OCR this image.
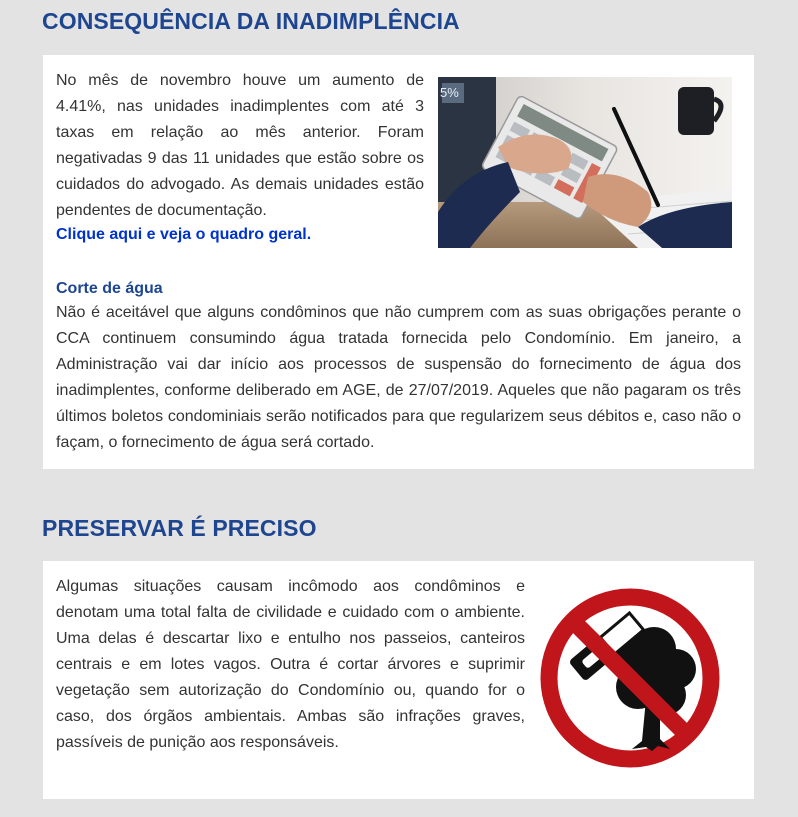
CONSEQUÊNCIA DA INADIMPLÊNCIA

No mês de novembro houve um aumento de 4.41%, nas unidades inadimplentes com até 3 taxas em relação ao mês anterior. Foram negativadas 9 das 11 unidades que estão sobre os cuidados do advogado. As demais unidades estão pendentes de documentação.

Clique aqui e veja o quadro geral.
5%
Corte de água

Não é aceitável que alguns condôminos que não cumprem com as suas obrigações perante o CCA continuem consumindo água tratada fornecida pelo Condomínio. Em janeiro, a Administração vai dar início aos processos de suspensão do fornecimento de água dos inadimplentes, conforme deliberado em AGE, de 27/07/2019. Aqueles que não pagaram os três últimos boletos condominiais serão notificados para que regularizem seus débitos e, caso não o façam, o fornecimento de água será cortado.

PRESERVAR É PRECISO

Algumas situações causam incômodo aos condôminos e denotam uma total falta de civilidade e cuidado com o ambiente. Uma delas é descartar lixo e entulho nos passeios, canteiros centrais e em lotes vagos. Outra é cortar árvores e suprimir vegetação sem autorização do Condomínio ou, quando for o caso, dos órgãos ambientais. Ambas são infrações graves, passíveis de punição aos responsáveis.
